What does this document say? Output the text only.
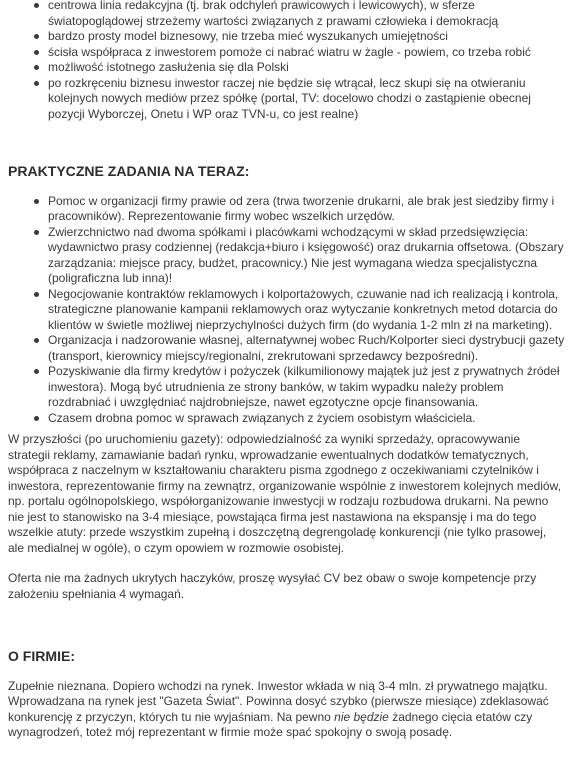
centrowa linia redakcyjna (tj. brak odchyleń prawicowych i lewicowych), w sferze światopoglądowej strzeżemy wartości związanych z prawami człowieka i demokracją
bardzo prosty model biznesowy, nie trzeba mieć wyszukanych umiejętności
ścisła współpraca z inwestorem pomoże ci nabrać wiatru w żagle - powiem, co trzeba robić
możliwość istotnego zasłużenia się dla Polski
po rozkręceniu biznesu inwestor raczej nie będzie się wtrącał, lecz skupi się na otwieraniu kolejnych nowych mediów przez spółkę (portal, TV: docelowo chodzi o zastąpienie obecnej pozycji Wyborczej, Onetu i WP oraz TVN-u, co jest realne)
PRAKTYCZNE ZADANIA NA TERAZ:
Pomoc w organizacji firmy prawie od zera (trwa tworzenie drukarni, ale brak jest siedziby firmy i pracowników). Reprezentowanie firmy wobec wszelkich urzędów.
Zwierzchnictwo nad dwoma spółkami i placówkami wchodzącymi w skład przedsięwzięcia: wydawnictwo prasy codziennej (redakcja+biuro i księgowość) oraz drukarnia offsetowa. (Obszary zarządzania: miejsce pracy, budżet, pracownicy.) Nie jest wymagana wiedza specjalistyczna (poligraficzna lub inna)!
Negocjowanie kontraktów reklamowych i kolportażowych, czuwanie nad ich realizacją i kontrola, strategiczne planowanie kampanii reklamowych oraz wytyczanie konkretnych metod dotarcia do klientów w świetle możliwej nieprzychylności dużych firm (do wydania 1-2 mln zł na marketing).
Organizacja i nadzorowanie własnej, alternatywnej wobec Ruch/Kolporter sieci dystrybucji gazety (transport, kierownicy miejscy/regionalni, zrekrutowani sprzedawcy bezpośredni).
Pozyskiwanie dla firmy kredytów i pożyczek (kilkumilionowy majątek już jest z prywatnych źródeł inwestora). Mogą być utrudnienia ze strony banków, w takim wypadku należy problem rozdrabniać i uwzględniać najdrobniejsze, nawet egzotyczne opcje finansowania.
Czasem drobna pomoc w sprawach związanych z życiem osobistym właściciela.

W przyszłości (po uruchomieniu gazety): odpowiedzialność za wyniki sprzedaży, opracowywanie strategii reklamy, zamawianie badań rynku, wprowadzanie ewentualnych dodatków tematycznych, współpraca z naczelnym w kształtowaniu charakteru pisma zgodnego z oczekiwaniami czytelników i inwestora, reprezentowanie firmy na zewnątrz, organizowanie wspólnie z inwestorem kolejnych mediów, np. portalu ogólnopolskiego, współorganizowanie inwestycji w rodzaju rozbudowa drukarni. Na pewno nie jest to stanowisko na 3-4 miesiące, powstająca firma jest nastawiona na ekspansję i ma do tego wszelkie atuty: przede wszystkim zupełną i doszczętną degrengoladę konkurencji (nie tylko prasowej, ale medialnej w ogóle), o czym opowiem w rozmowie osobistej.

Oferta nie ma żadnych ukrytych haczyków, proszę wysyłać CV bez obaw o swoje kompetencje przy założeniu spełniania 4 wymagań.

O FIRMIE:

Zupełnie nieznana. Dopiero wchodzi na rynek. Inwestor wkłada w nią 3-4 mln. zł prywatnego majątku. Wprowadzana na rynek jest "Gazeta Świat". Powinna dosyć szybko (pierwsze miesiące) zdeklasować konkurencję z przyczyn, których tu nie wyjaśniam. Na pewno nie będzie żadnego cięcia etatów czy wynagrodzeń, toteż mój reprezentant w firmie może spać spokojny o swoją posadę.
